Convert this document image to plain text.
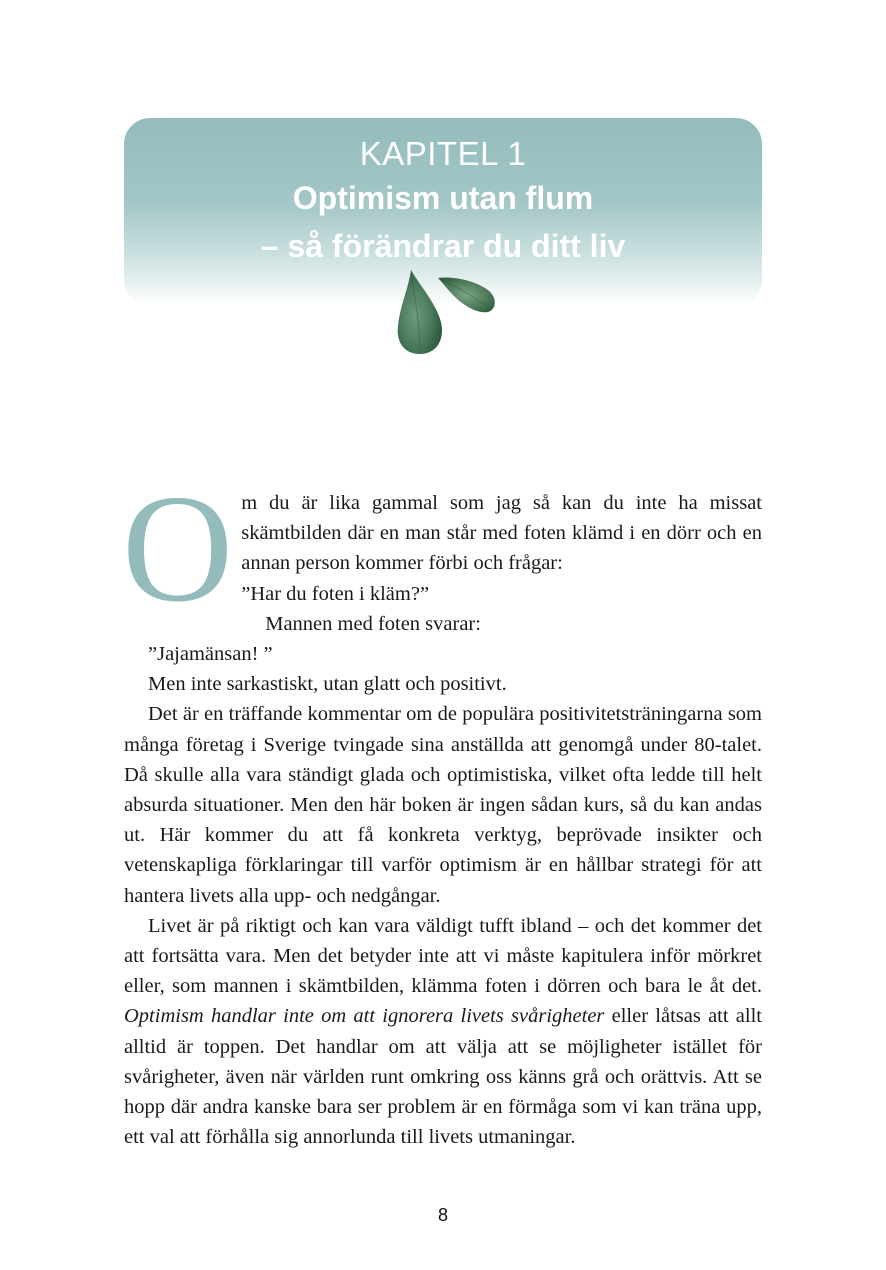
KAPITEL 1
Optimism utan flum
– så förändrar du ditt liv

Om du är lika gammal som jag så kan du inte ha missat skämtbilden där en man står med foten klämd i en dörr och en annan person kommer förbi och frågar:

”Har du foten i kläm?”

Mannen med foten svarar:

”Jajamänsan! ”

Men inte sarkastiskt, utan glatt och positivt.

Det är en träffande kommentar om de populära positivitetsträningarna som många företag i Sverige tvingade sina anställda att genomgå under 80-talet. Då skulle alla vara ständigt glada och optimistiska, vilket ofta ledde till helt absurda situationer. Men den här boken är ingen sådan kurs, så du kan andas ut. Här kommer du att få konkreta verktyg, beprövade insikter och vetenskapliga förklaringar till varför optimism är en hållbar strategi för att hantera livets alla upp- och nedgångar.

Livet är på riktigt och kan vara väldigt tufft ibland – och det kommer det att fortsätta vara. Men det betyder inte att vi måste kapitulera inför mörkret eller, som mannen i skämtbilden, klämma foten i dörren och bara le åt det. Optimism handlar inte om att ignorera livets svårigheter eller låtsas att allt alltid är toppen. Det handlar om att välja att se möjligheter istället för svårigheter, även när världen runt omkring oss känns grå och orättvis. Att se hopp där andra kanske bara ser problem är en förmåga som vi kan träna upp, ett val att förhålla sig annorlunda till livets utmaningar.

8
